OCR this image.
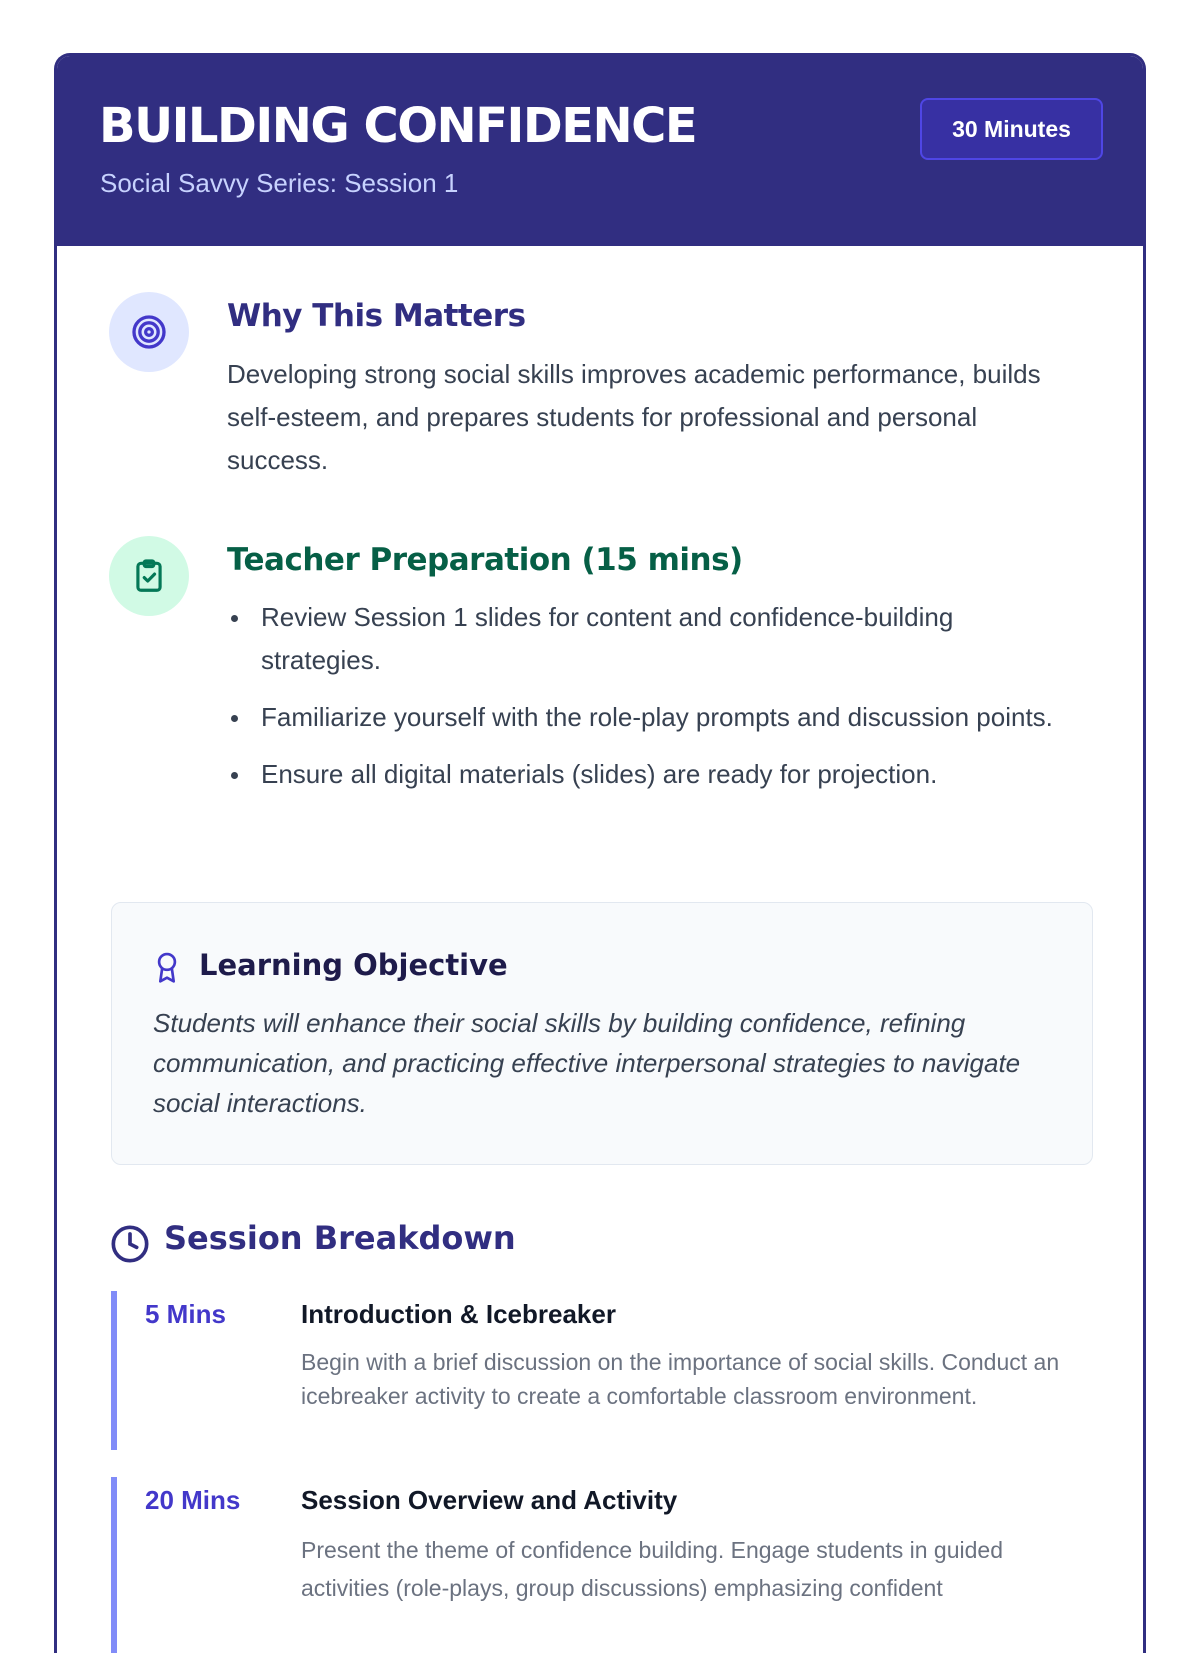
BUILDING CONFIDENCE
Social Savvy Series: Session 1
30 Minutes
Why This Matters
Developing strong social skills improves academic performance, builds self-esteem, and prepares students for professional and personal success.
Teacher Preparation (15 mins)
Review Session 1 slides for content and confidence-building strategies.
Familiarize yourself with the role-play prompts and discussion points.
Ensure all digital materials (slides) are ready for projection.
Learning Objective
Students will enhance their social skills by building confidence, refining communication, and practicing effective interpersonal strategies to navigate social interactions.
Session Breakdown
5 Mins	Introduction & Icebreaker
Begin with a brief discussion on the importance of social skills. Conduct an icebreaker activity to create a comfortable classroom environment.
20 Mins Session Overview and Activity
Present the theme of confidence building. Engage students in guided activities (role-plays, group discussions) emphasizing confident
